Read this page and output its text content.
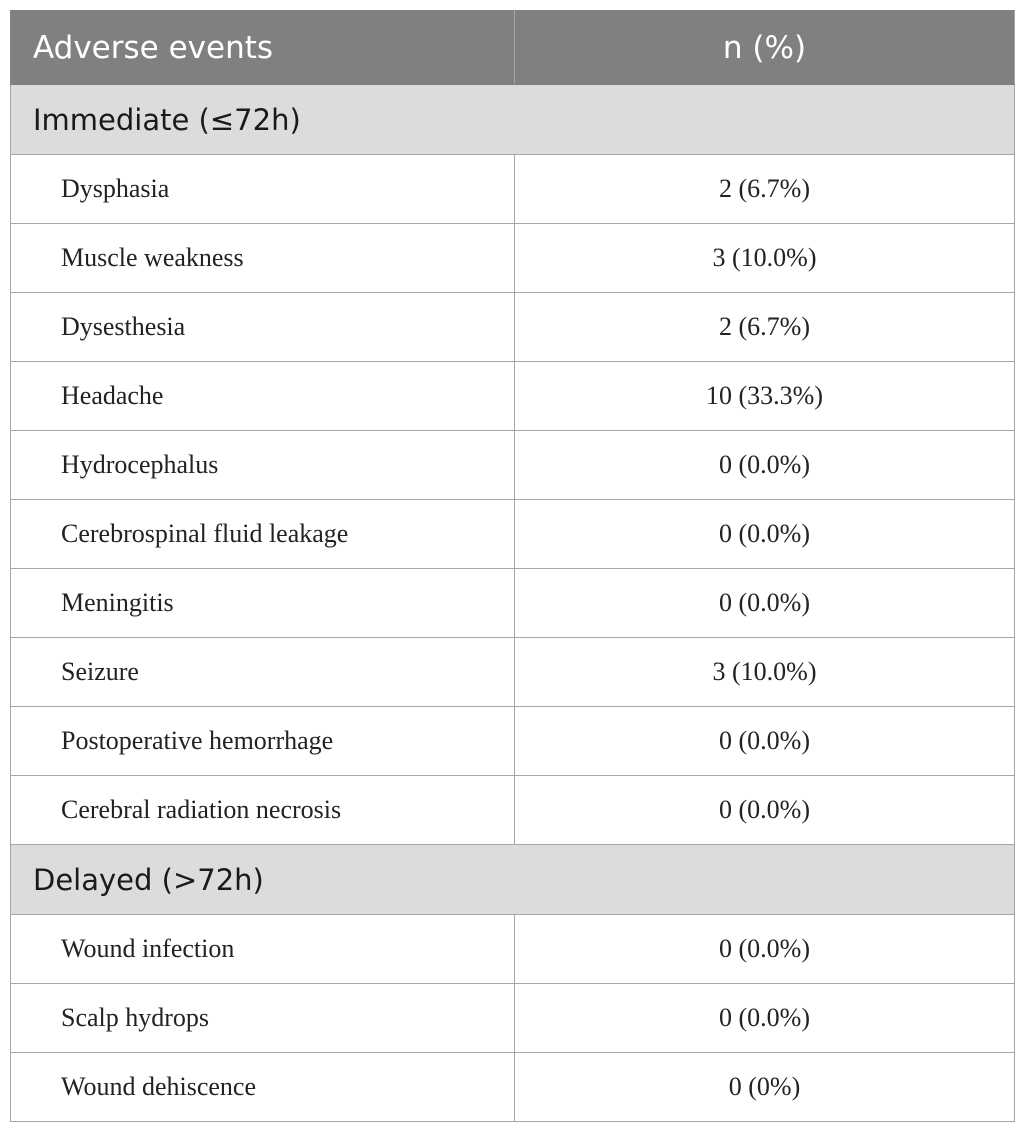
Adverse events	n (%)
Immediate (≤72h)	
Dysphasia	2 (6.7%)
Muscle weakness	3 (10.0%)
Dysesthesia	2 (6.7%)
Headache	10 (33.3%)
Hydrocephalus	0 (0.0%)
Cerebrospinal fluid leakage	0 (0.0%)
Meningitis	0 (0.0%)
Seizure	3 (10.0%)
Postoperative hemorrhage	0 (0.0%)
Cerebral radiation necrosis	0 (0.0%)
Delayed (>72h)	
Wound infection	0 (0.0%)
Scalp hydrops	0 (0.0%)
Wound dehiscence	0 (0%)
